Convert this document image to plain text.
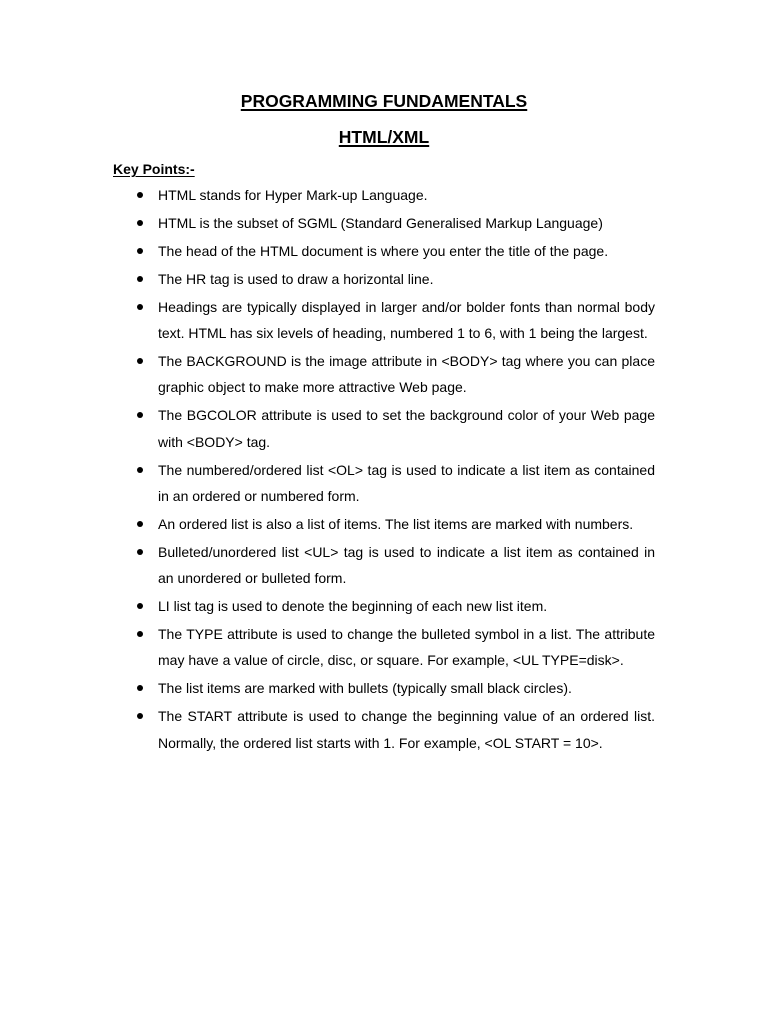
PROGRAMMING FUNDAMENTALS
HTML/XML
Key Points:-
HTML stands for Hyper Mark-up Language.
HTML is the subset of SGML (Standard Generalised Markup Language)
The head of the HTML document is where you enter the title of the page.
The HR tag is used to draw a horizontal line.
Headings are typically displayed in larger and/or bolder fonts than normal body text. HTML has six levels of heading, numbered 1 to 6, with 1 being the largest.
The BACKGROUND is the image attribute in <BODY> tag where you can place graphic object to make more attractive Web page.
The BGCOLOR attribute is used to set the background color of your Web page with <BODY> tag.
The numbered/ordered list <OL> tag is used to indicate a list item as contained in an ordered or numbered form.
An ordered list is also a list of items. The list items are marked with numbers.
Bulleted/unordered list <UL> tag is used to indicate a list item as contained in an unordered or bulleted form.
LI list tag is used to denote the beginning of each new list item.
The TYPE attribute is used to change the bulleted symbol in a list. The attribute may have a value of circle, disc, or square. For example, <UL TYPE=disk>.
The list items are marked with bullets (typically small black circles).
The START attribute is used to change the beginning value of an ordered list. Normally, the ordered list starts with 1. For example, <OL START = 10>.
